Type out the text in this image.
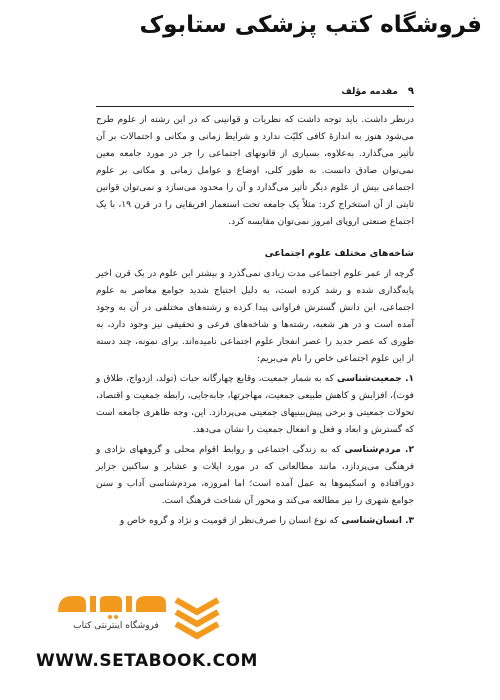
فروشگاه کتب پزشکی ستابوک
۹
مقدمه مؤلف

درنظر داشت. باید توجه داشت که نظریات و قوانینی که در این رشته از علوم طرح می‌شود هنوز به اندازهٔ کافی کلیّت ندارد و شرایط زمانی و مکانی و احتمالات بر آن تأثیر می‌گذارد. به‌علاوه، بسیاری از قانونهای اجتماعی را جز در مورد جامعه معین نمی‌توان صادق دانست. به طور کلی، اوضاع و عوامل زمانی و مکانی بر علوم اجتماعی بیش از علوم دیگر تأثیر می‌گذارد و آن را محدود می‌سازد و نمی‌توان قوانین ثابتی از آن استخراج کرد: مثلاً یک جامعه تحت استعمار افریقایی را در قرن ۱۹، با یک اجتماع صنعتی اروپای امروز نمی‌توان مقایسه کرد.

شاخه‌های مختلف علوم اجتماعی

گرچه از عمر علوم اجتماعی مدت زیادی نمی‌گذرد و بیشتر این علوم در یک قرن اخیر پایه‌گذاری شده و رشد کرده است، به دلیل احتیاج شدید جوامع معاصر به علوم اجتماعی، این دانش گسترش فراوانی پیدا کرده و رشته‌های مختلفی در آن به وجود آمده است و در هر شعبه، رشته‌ها و شاخه‌های فرعی و تحقیقی نیز وجود دارد، به طوری که عصر جدید را عصر انفجار علوم اجتماعی نامیده‌اند. برای نمونه، چند دسته از این علوم اجتماعی خاص را نام می‌بریم:

۱. جمعیت‌شناسی که به شمار جمعیت، وقایع چهارگانه حیات (تولد، ازدواج، طلاق و فوت)، افزایش و کاهش طبیعی جمعیت، مهاجرتها، جابه‌جایی، رابطه جمعیت و اقتصاد، تحولات جمعیتی و برخی پیش‌بینیهای جمعیتی می‌پردازد. این، وجه ظاهری جامعه است که گسترش و ابعاد و فعل و انفعال جمعیت را نشان می‌دهد.

۲. مردم‌شناسی که به زندگی اجتماعی و روابط اقوام محلی و گروههای نژادی و فرهنگی می‌پردازد، مانند مطالعاتی که در مورد ایلات و عشایر و ساکنین جزایر دورافتاده و اسکیموها به عمل آمده است؛ اما امروزه، مردم‌شناسی آداب و سنن جوامع شهری را نیز مطالعه می‌کند و محور آن شناخت فرهنگ است.

۳. انسان‌شناسی که نوع انسان را صرف‌نظر از قومیت و نژاد و گروه خاص و

فروشگاه اینترنتی کتاب
WWW.SETABOOK.COM
